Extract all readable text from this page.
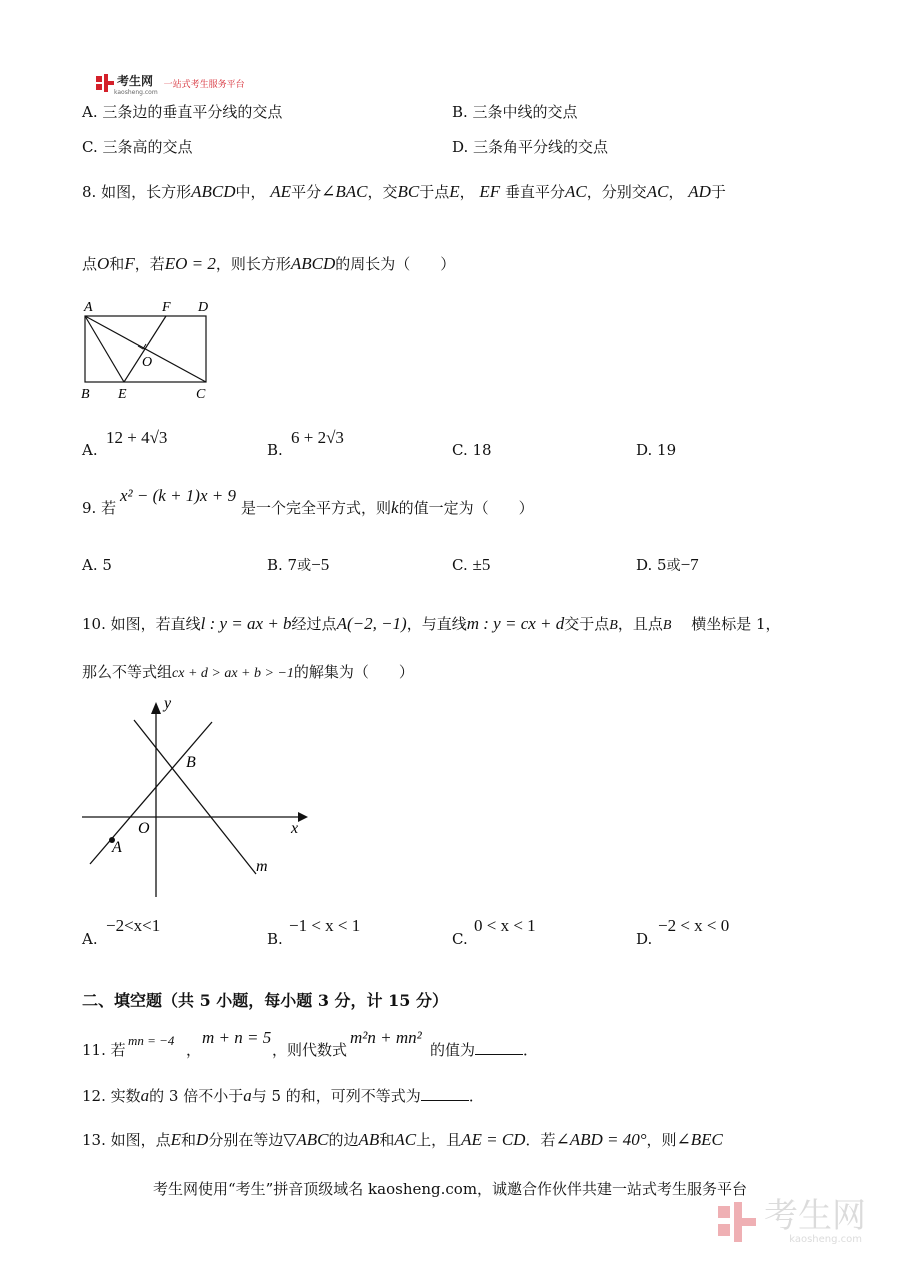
考生网
kaosheng.com
一站式考生服务平台
A. 三条边的垂直平分线的交点	B. 三条中线的交点
C. 三条高的交点	D. 三条角平分线的交点
8. 如图，长方形ABCD中， AE平分∠BAC，交BC于点E， EF 垂直平分AC，分别交AC， AD于
点O和F，若EO = 2，则长方形ABCD的周长为（　　）
A	F D
O
B E	C
A.
12 + 4√3
B.
6 + 2√3
C. 18	D. 19
9. 若
x² − (k + 1)x + 9
是一个完全平方式，则k的值一定为（　　）
A. 5	B. 7或−5	C. ±5	D. 5或−7
10. 如图，若直线l : y = ax + b经过点A(−2, −1)，与直线m : y = cx + d交于点B，且点B　 横坐标是 1，
那么不等式组cx + d > ax + b > −1的解集为（　　）
y
x
O
A
B
m
A.
−2<x<1
B.
−1 < x < 1
C.
0 < x < 1
D.
−2 < x < 0
二、填空题（共 5 小题，每小题 3 分，计 15 分）
11. 若
mn = −4
，
m + n = 5
，则代数式
m²n + mn²
的值为	．
12. 实数a的 3 倍不小于a与 5 的和，可列不等式为	．
13. 如图，点E和D分别在等边▽ABC的边AB和AC上，且AE = CD．若∠ABD = 40°，则∠BEC
考生网使用“考生”拼音顶级域名 kaosheng.com，诚邀合作伙伴共建一站式考生服务平台
考生网
kaosheng.com
